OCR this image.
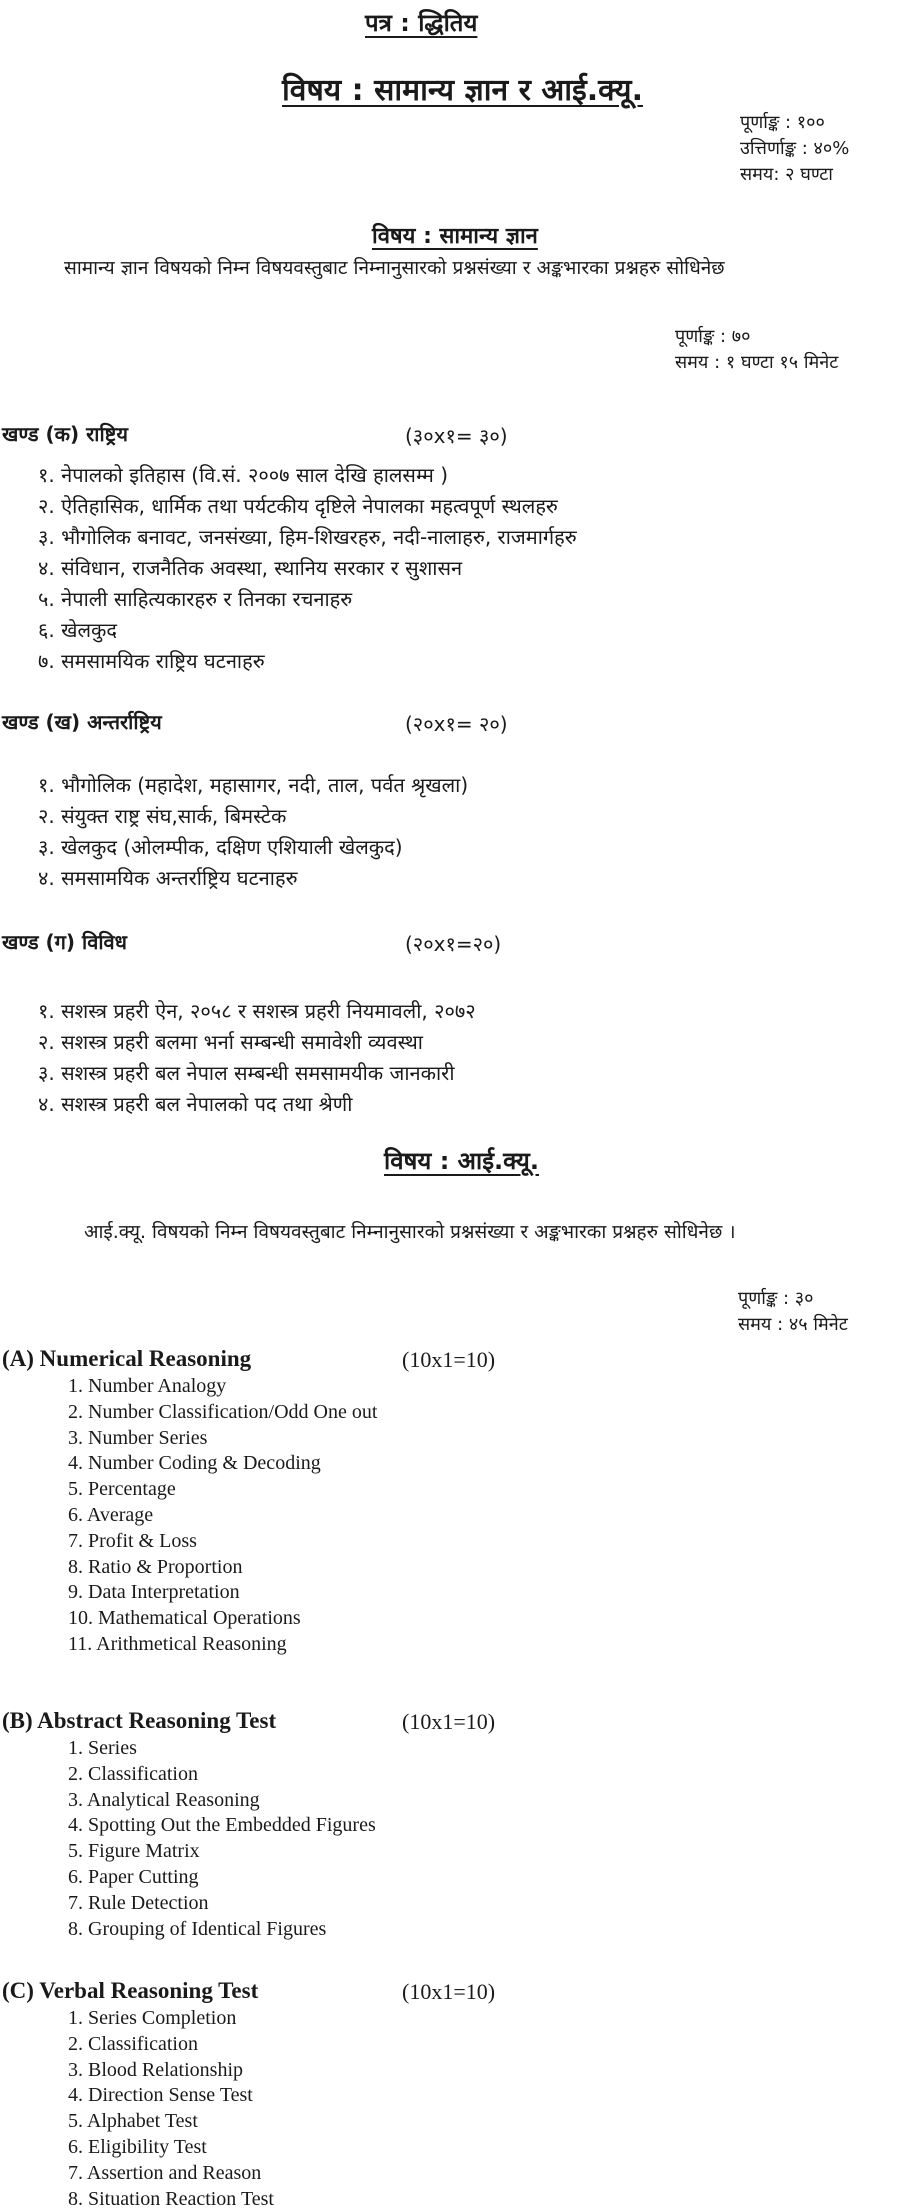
पत्र : द्धितिय
विषय : सामान्य ज्ञान र आई.क्यू.
पूर्णाङ्क : १००
उत्तिर्णाङ्क : ४०%
समय: २ घण्टा
विषय : सामान्य ज्ञान
सामान्य ज्ञान विषयको निम्न विषयवस्तुबाट निम्नानुसारको प्रश्नसंख्या र अङ्कभारका प्रश्नहरु सोधिनेछ
पूर्णाङ्क : ७०
समय : १ घण्टा १५ मिनेट
खण्ड (क) राष्ट्रिय	(३०x१= ३०)
१. नेपालको इतिहास (वि.सं. २००७ साल देखि हालसम्म )
२. ऐतिहासिक, धार्मिक तथा पर्यटकीय दृष्टिले नेपालका महत्वपूर्ण स्थलहरु
३. भौगोलिक बनावट, जनसंख्या, हिम-शिखरहरु, नदी-नालाहरु, राजमार्गहरु
४. संविधान, राजनैतिक अवस्था, स्थानिय सरकार र सुशासन
५. नेपाली साहित्यकारहरु र तिनका रचनाहरु
६. खेलकुद
७. समसामयिक राष्ट्रिय घटनाहरु
खण्ड (ख) अन्तर्राष्ट्रिय	(२०x१= २०)
१. भौगोलिक (महादेश, महासागर, नदी, ताल, पर्वत श्रृखला)
२. संयुक्त राष्ट्र संघ,सार्क, बिमस्टेक
३. खेलकुद (ओलम्पीक, दक्षिण एशियाली खेलकुद)
४. समसामयिक अन्तर्राष्ट्रिय घटनाहरु
खण्ड (ग) विविध	(२०x१=२०)
१. सशस्त्र प्रहरी ऐन, २०५८ र सशस्त्र प्रहरी नियमावली, २०७२
२. सशस्त्र प्रहरी बलमा भर्ना सम्बन्धी समावेशी व्यवस्था
३. सशस्त्र प्रहरी बल नेपाल सम्बन्धी समसामयीक जानकारी
४. सशस्त्र प्रहरी बल नेपालको पद तथा श्रेणी
विषय : आई.क्यू.
आई.क्यू. विषयको निम्न विषयवस्तुबाट निम्नानुसारको प्रश्नसंख्या र अङ्कभारका प्रश्नहरु सोधिनेछ ।
पूर्णाङ्क : ३०
समय : ४५ मिनेट
(A) Numerical Reasoning	(10x1=10)
1. Number Analogy
2. Number Classification/Odd One out
3. Number Series
4. Number Coding & Decoding
5. Percentage
6. Average
7. Profit & Loss
8. Ratio & Proportion
9. Data Interpretation
10. Mathematical Operations
11. Arithmetical Reasoning
(B) Abstract Reasoning Test	(10x1=10)
1. Series
2. Classification
3. Analytical Reasoning
4. Spotting Out the Embedded Figures
5. Figure Matrix
6. Paper Cutting
7. Rule Detection
8. Grouping of Identical Figures
(C) Verbal Reasoning Test	(10x1=10)
1. Series Completion
2. Classification
3. Blood Relationship
4. Direction Sense Test
5. Alphabet Test
6. Eligibility Test
7. Assertion and Reason
8. Situation Reaction Test
